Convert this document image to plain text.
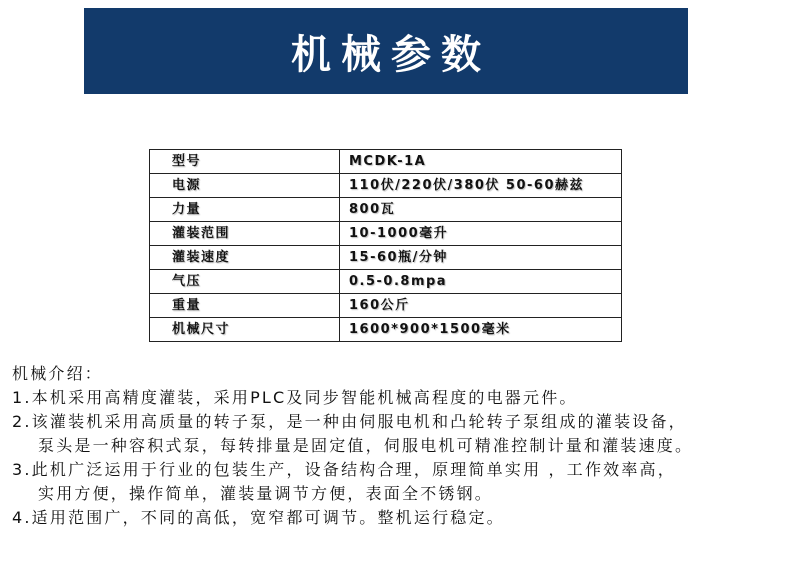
机械参数
型号	MCDK-1A
电源	110伏/220伏/380伏 50-60赫兹
力量	800瓦
灌装范围	10-1000毫升
灌装速度	15-60瓶/分钟
气压	0.5-0.8mpa
重量	160公斤
机械尺寸	1600*900*1500毫米
机械介绍：
1.本机采用高精度灌装，采用PLC及同步智能机械高程度的电器元件。
2.该灌装机采用高质量的转子泵，是一种由伺服电机和凸轮转子泵组成的灌装设备，
泵头是一种容积式泵，每转排量是固定值，伺服电机可精准控制计量和灌装速度。
3.此机广泛运用于行业的包装生产，设备结构合理，原理简单实用 ，工作效率高，
实用方便，操作简单，灌装量调节方便，表面全不锈钢。
4.适用范围广，不同的高低，宽窄都可调节。整机运行稳定。
